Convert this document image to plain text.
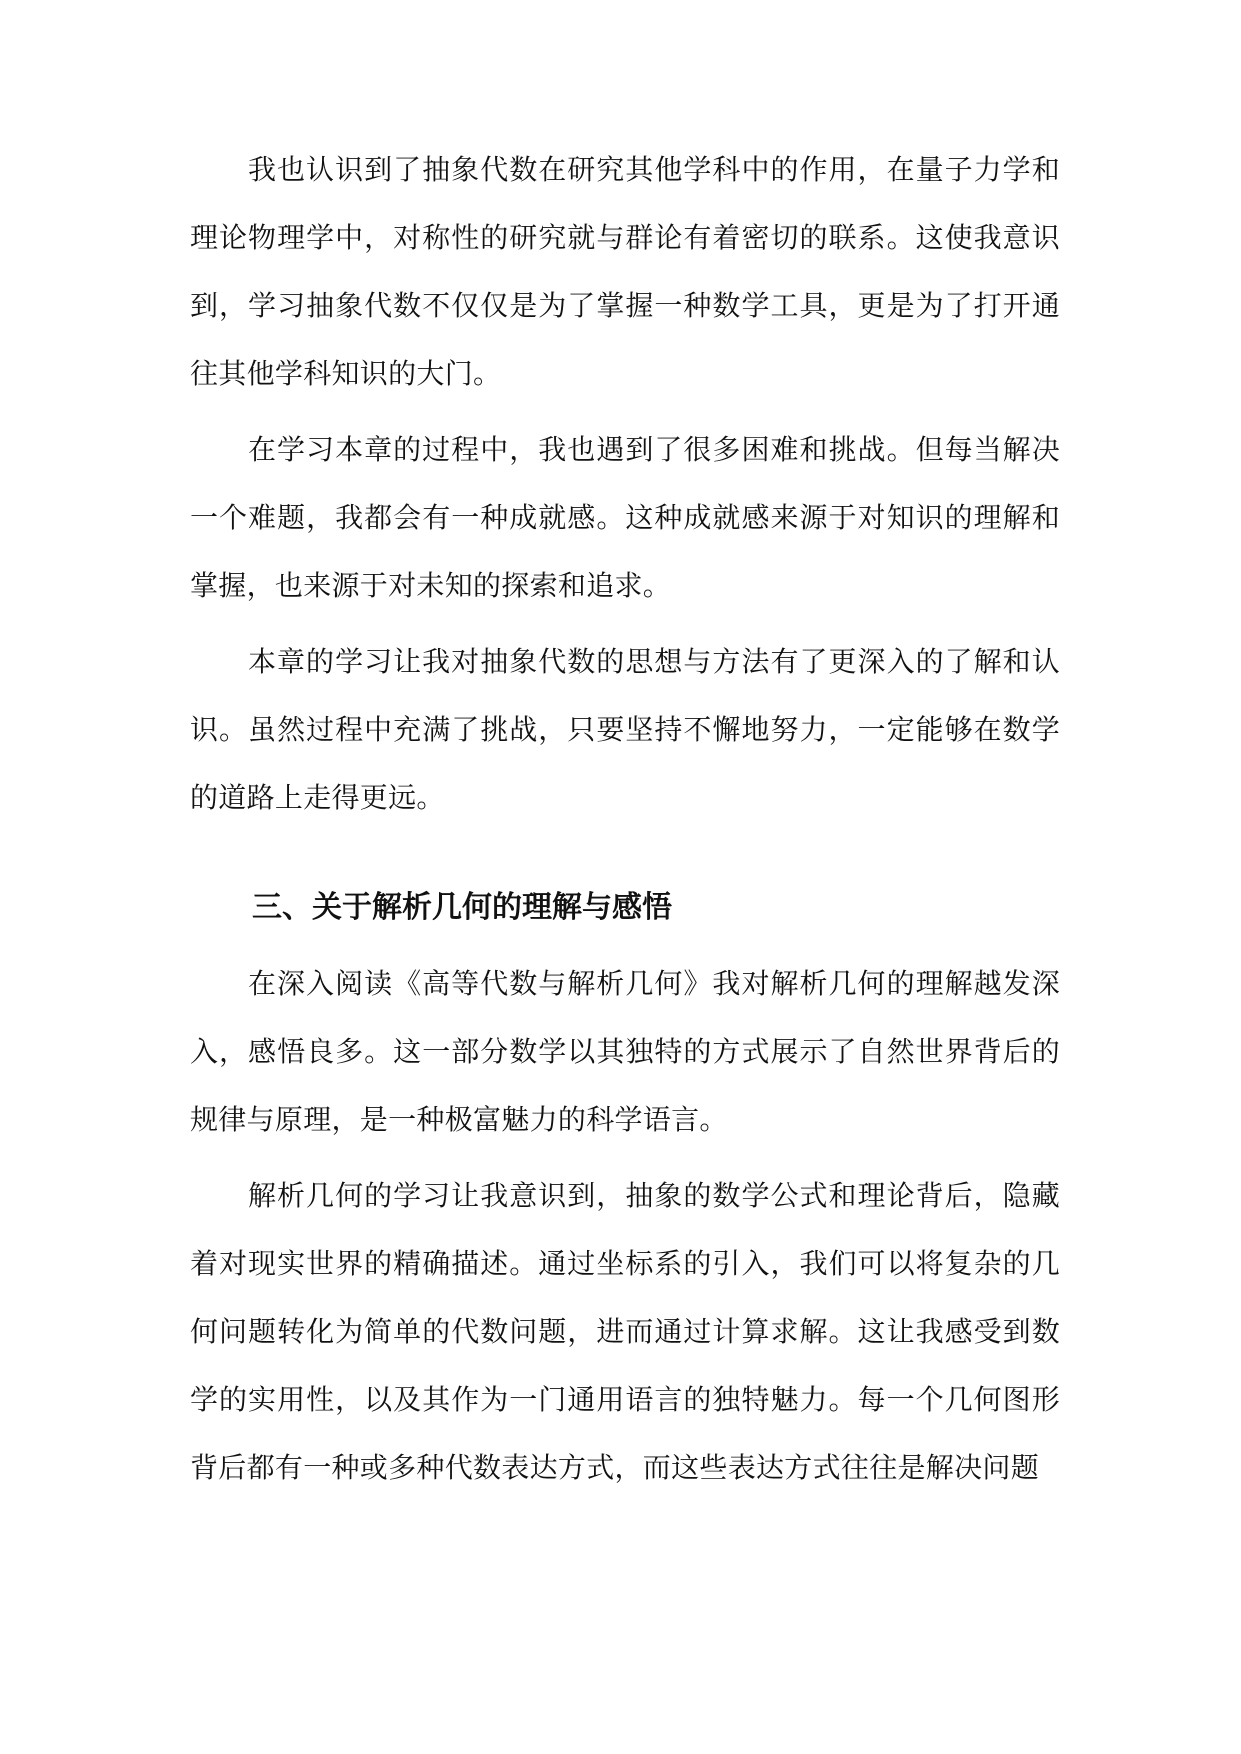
我也认识到了抽象代数在研究其他学科中的作用，在量子力学和理论物理学中，对称性的研究就与群论有着密切的联系。这使我意识到，学习抽象代数不仅仅是为了掌握一种数学工具，更是为了打开通往其他学科知识的大门。

在学习本章的过程中，我也遇到了很多困难和挑战。但每当解决一个难题，我都会有一种成就感。这种成就感来源于对知识的理解和掌握，也来源于对未知的探索和追求。

本章的学习让我对抽象代数的思想与方法有了更深入的了解和认识。虽然过程中充满了挑战，只要坚持不懈地努力，一定能够在数学的道路上走得更远。

三、关于解析几何的理解与感悟

在深入阅读《高等代数与解析几何》我对解析几何的理解越发深入，感悟良多。这一部分数学以其独特的方式展示了自然世界背后的规律与原理，是一种极富魅力的科学语言。

解析几何的学习让我意识到，抽象的数学公式和理论背后，隐藏着对现实世界的精确描述。通过坐标系的引入，我们可以将复杂的几何问题转化为简单的代数问题，进而通过计算求解。这让我感受到数学的实用性，以及其作为一门通用语言的独特魅力。每一个几何图形背后都有一种或多种代数表达方式，而这些表达方式往往是解决问题
